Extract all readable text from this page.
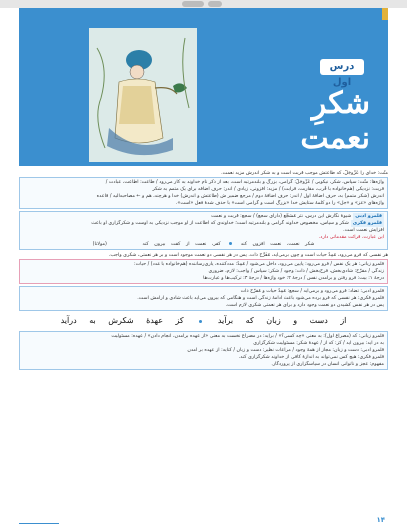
درس اول
شکرِ نعمت
منّت: خدای را عَزَّوجَلَّ، که طاعتش موجب قربت است و به شکر اندرش مزید نعمت.
واژه‌ها: منّت: سپاس، شکر، نیکویی / عَزَّوجَلَّ: گرامی، بزرگ و بلندمرتبه است، بعد از ذکر نام خداوند به کار می‌رود / طاعت: اطاعت، عبادت /
قربت: نزدیکی (هم‌خانواده با قُرب، مقاربت، قرابت) / مزید: افزونی، زیادی / اندر: حرف اضافه برای یک متمم به شکر
اندرش (شکر متمم) به، حرف اضافهٔ اول / اندر: حرف اضافهٔ دوم / مرجع ضمیر ش (طاعتش و اندرش) خدا و هرچند، هم و ← مصاحبه‌الیه / قاعده
واژه‌های «عز» و «جل» را دو کلمهٔ ستایش خدا «بزرگ است و گرامی است» با حذف شدهٔ فعل «است».
قلمرو ادبیشیوهٔ نگارش این درس، نثر مُسَجَّع (دارای سجع) / سجع: قربت و نعمت
قلمرو فکریشکر و سپاس، مخصوص خداوند گرامی و بلندمرتبه است؛ خداوندی که اطاعت از او موجب نزدیکی به اوست و شکرگزاری او باعث
افزایش نعمت است.
این عبارت، قرائت مقدماتی دارد.
شکر نعمت، نعمت افزون کند  کفر، نعمت از کفت بیرون کند (مولانا)
هر نفسی که فرو می‌رود، مُمِدّ حیات است و چون برمی‌آید، مُفَرِّح ذات. پس در هر نفسی دو نعمت موجود است و بر هر نعمتی، شکری واجب.
قلمرو زبانی: هر یک نفس / فرو می‌رود: پایین می‌رود، داخل می‌شود / مُمِدّ: مددکننده، یاری‌رساننده (هم‌خانواده با مَدد) / حیات:
زندگی / مفرّح: شادی‌بخش، فرح‌بخش / ذات: وجود / شکر: سپاس / واجب: لازم، ضروری
درجهٔ ۱: بیت: فرو رفتن و برآمدن نفس / درجهٔ ۲: خود واژه‌ها / درجهٔ ۳: ترکیب‌ها و عبارت‌ها
قلمرو ادبی: تضاد: فرو می‌رود و برمی‌آید / سجع: مُمِدّ حیات و مُفرّح ذات
قلمرو فکری: هر نفسی که فرو برده می‌شود باعث ادامهٔ زندگی است و هنگامی که بیرون می‌آید باعث شادی و آرامش است.
پس در هر نفس کشیدن دو نعمت وجود دارد و برای هر نعمتی شکری لازم است.
از دست و زبان که برآید  کز عهدهٔ شکرش به درآید
قلمرو زبانی: که (مصراع اول): به معنی «چه کسی؟» / برآید: در مصراع نخست به معنی «از عهده برآمدن، انجام دادن» / عهده: مسئولیت
به در آید: بیرون آید / کز: که از / عهدهٔ شکر: مسئولیت شکرگزاری
قلمرو ادبی: دست و زبان: مجاز از همهٔ وجود / مراعات نظیر: دست و زبان / کنایه: از عهده بر آمدن
قلمرو فکری: هیچ کس نمی‌تواند به اندازهٔ کافی از خداوند شکرگزاری کند.
مفهوم: عجز و ناتوانی انسان در سپاسگزاری از پروردگار.
۱۴
